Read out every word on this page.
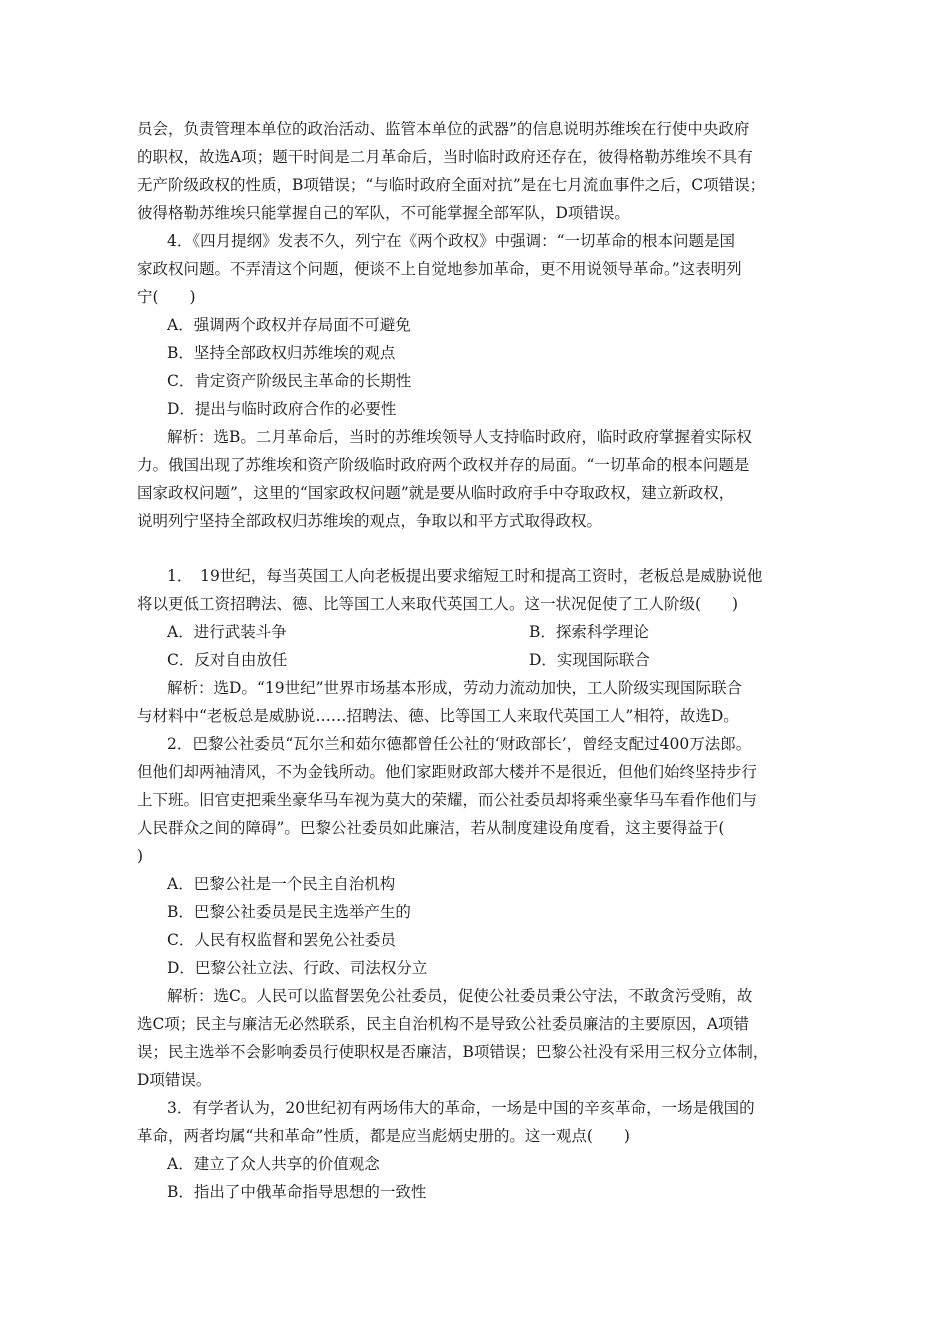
员会，负责管理本单位的政治活动、监管本单位的武器”的信息说明苏维埃在行使中央政府
的职权，故选A项；题干时间是二月革命后，当时临时政府还存在，彼得格勒苏维埃不具有
无产阶级政权的性质，B项错误；“与临时政府全面对抗”是在七月流血事件之后，C项错误；
彼得格勒苏维埃只能掌握自己的军队，不可能掌握全部军队，D项错误。
4．《四月提纲》发表不久，列宁在《两个政权》中强调：“一切革命的根本问题是国
家政权问题。不弄清这个问题，便谈不上自觉地参加革命，更不用说领导革命。”这表明列
宁(　　)
A．强调两个政权并存局面不可避免
B．坚持全部政权归苏维埃的观点
C．肯定资产阶级民主革命的长期性
D．提出与临时政府合作的必要性
解析：选B。二月革命后，当时的苏维埃领导人支持临时政府，临时政府掌握着实际权
力。俄国出现了苏维埃和资产阶级临时政府两个政权并存的局面。“一切革命的根本问题是
国家政权问题”，这里的“国家政权问题”就是要从临时政府手中夺取政权，建立新政权，
说明列宁坚持全部政权归苏维埃的观点，争取以和平方式取得政权。
1．　19世纪，每当英国工人向老板提出要求缩短工时和提高工资时，老板总是威胁说他
将以更低工资招聘法、德、比等国工人来取代英国工人。这一状况促使了工人阶级(　　)
A．进行武装斗争	B．探索科学理论
C．反对自由放任	D．实现国际联合
解析：选D。“19世纪”世界市场基本形成，劳动力流动加快，工人阶级实现国际联合
与材料中“老板总是威胁说……招聘法、德、比等国工人来取代英国工人”相符，故选D。
2．巴黎公社委员“瓦尔兰和茹尔德都曾任公社的‘财政部长’，曾经支配过400万法郎。
但他们却两袖清风，不为金钱所动。他们家距财政部大楼并不是很近，但他们始终坚持步行
上下班。旧官吏把乘坐豪华马车视为莫大的荣耀，而公社委员却将乘坐豪华马车看作他们与
人民群众之间的障碍”。巴黎公社委员如此廉洁，若从制度建设角度看，这主要得益于(
)
A．巴黎公社是一个民主自治机构
B．巴黎公社委员是民主选举产生的
C．人民有权监督和罢免公社委员
D．巴黎公社立法、行政、司法权分立
解析：选C。人民可以监督罢免公社委员，促使公社委员秉公守法，不敢贪污受贿，故
选C项；民主与廉洁无必然联系，民主自治机构不是导致公社委员廉洁的主要原因，A项错
误；民主选举不会影响委员行使职权是否廉洁，B项错误；巴黎公社没有采用三权分立体制，
D项错误。
3．有学者认为，20世纪初有两场伟大的革命，一场是中国的辛亥革命，一场是俄国的
革命，两者均属“共和革命”性质，都是应当彪炳史册的。这一观点(　　)
A．建立了众人共享的价值观念
B．指出了中俄革命指导思想的一致性
